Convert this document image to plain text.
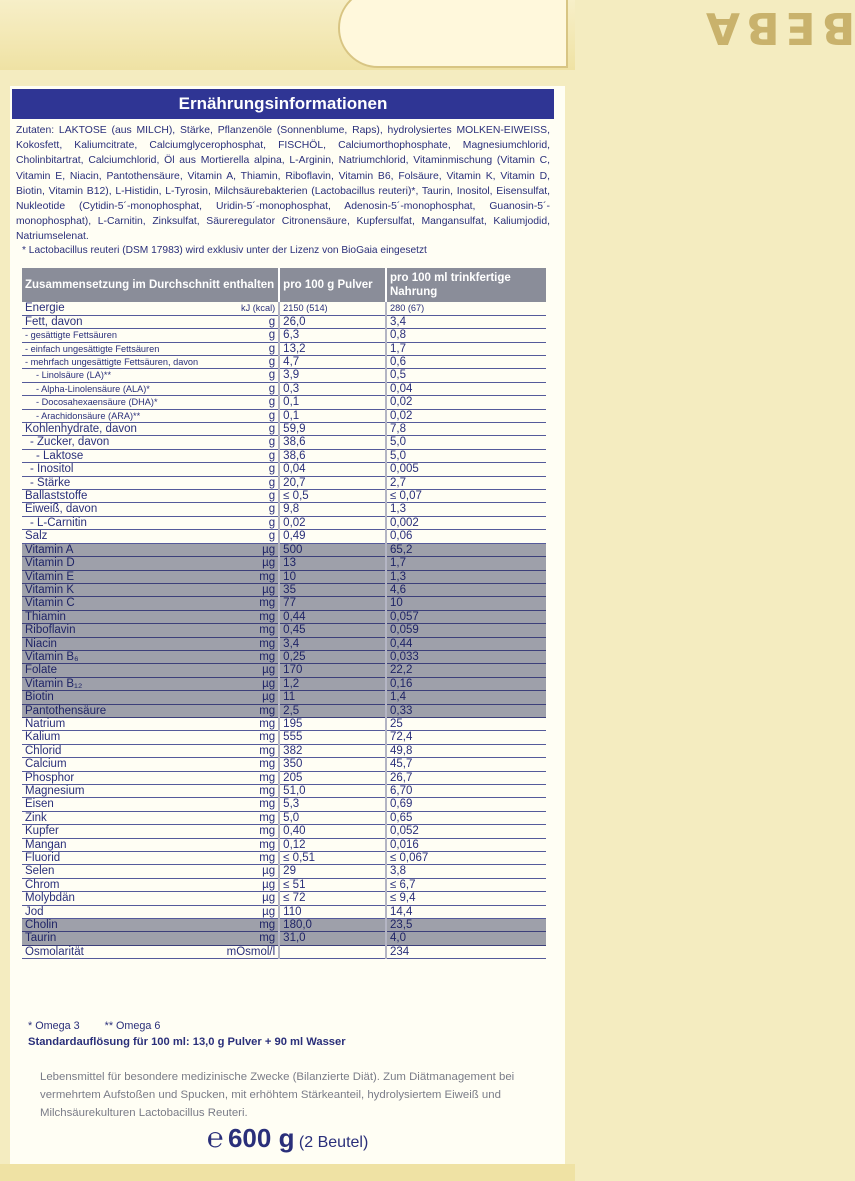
BEBA
Ernährungsinformationen
Zutaten: LAKTOSE (aus MILCH), Stärke, Pflanzenöle (Sonnenblume, Raps), hydrolysiertes MOLKEN-EIWEISS, Kokosfett, Kaliumcitrate, Calciumglycerophosphat, FISCHÖL, Calciumorthophosphate, Magnesiumchlorid, Cholinbitartrat, Calciumchlorid, Öl aus Mortierella alpina, L-Arginin, Natriumchlorid, Vitaminmischung (Vitamin C, Vitamin E, Niacin, Pantothensäure, Vitamin A, Thiamin, Riboflavin, Vitamin B6, Folsäure, Vitamin K, Vitamin D, Biotin, Vitamin B12), L-Histidin, L-Tyrosin, Milchsäurebakterien (Lactobacillus reuteri)*, Taurin, Inositol, Eisensulfat, Nukleotide (Cytidin-5´-monophosphat, Uridin-5´-monophosphat, Adenosin-5´-monophosphat, Guanosin-5´-monophosphat), L-Carnitin, Zinksulfat, Säureregulator Citronensäure, Kupfersulfat, Mangansulfat, Kaliumjodid, Natriumselenat.
* Lactobacillus reuteri (DSM 17983) wird exklusiv unter der Lizenz von BioGaia eingesetzt
Zusammensetzung im Durchschnitt enthalten		pro 100 g Pulver	pro 100 ml trinkfertige Nahrung
Energie	kJ (kcal)	2150 (514)	280 (67)
Fett, davon	g	26,0	3,4
- gesättigte Fettsäuren	g	6,3	0,8
- einfach ungesättigte Fettsäuren	g	13,2	1,7
- mehrfach ungesättigte Fettsäuren, davon	g	4,7	0,6
- Linolsäure (LA)**	g	3,9	0,5
- Alpha-Linolensäure (ALA)*	g	0,3	0,04
- Docosahexaensäure (DHA)*	g	0,1	0,02
- Arachidonsäure (ARA)**	g	0,1	0,02
Kohlenhydrate, davon	g	59,9	7,8
- Zucker, davon	g	38,6	5,0
- Laktose	g	38,6	5,0
- Inositol	g	0,04	0,005
- Stärke	g	20,7	2,7
Ballaststoffe	g	≤ 0,5	≤ 0,07
Eiweiß, davon	g	9,8	1,3
- L-Carnitin	g	0,02	0,002
Salz	g	0,49	0,06
Vitamin A	µg	500	65,2
Vitamin D	µg	13	1,7
Vitamin E	mg	10	1,3
Vitamin K	µg	35	4,6
Vitamin C	mg	77	10
Thiamin	mg	0,44	0,057
Riboflavin	mg	0,45	0,059
Niacin	mg	3,4	0,44
Vitamin B₆	mg	0,25	0,033
Folate	µg	170	22,2
Vitamin B₁₂	µg	1,2	0,16
Biotin	µg	11	1,4
Pantothensäure	mg	2,5	0,33
Natrium	mg	195	25
Kalium	mg	555	72,4
Chlorid	mg	382	49,8
Calcium	mg	350	45,7
Phosphor	mg	205	26,7
Magnesium	mg	51,0	6,70
Eisen	mg	5,3	0,69
Zink	mg	5,0	0,65
Kupfer	mg	0,40	0,052
Mangan	mg	0,12	0,016
Fluorid	mg	≤ 0,51	≤ 0,067
Selen	µg	29	3,8
Chrom	µg	≤ 51	≤ 6,7
Molybdän	µg	≤ 72	≤ 9,4
Jod	µg	110	14,4
Cholin	mg	180,0	23,5
Taurin	mg	31,0	4,0
Osmolarität	mOsmol/l		234
* Omega 3 ** Omega 6
Standardauflösung für 100 ml: 13,0 g Pulver + 90 ml Wasser
Lebensmittel für besondere medizinische Zwecke (Bilanzierte Diät). Zum Diätmanagement bei vermehrtem Aufstoßen und Spucken, mit erhöhtem Stärkeanteil, hydrolysiertem Eiweiß und Milchsäurekulturen Lactobacillus Reuteri.
℮ 600 g (2 Beutel)
